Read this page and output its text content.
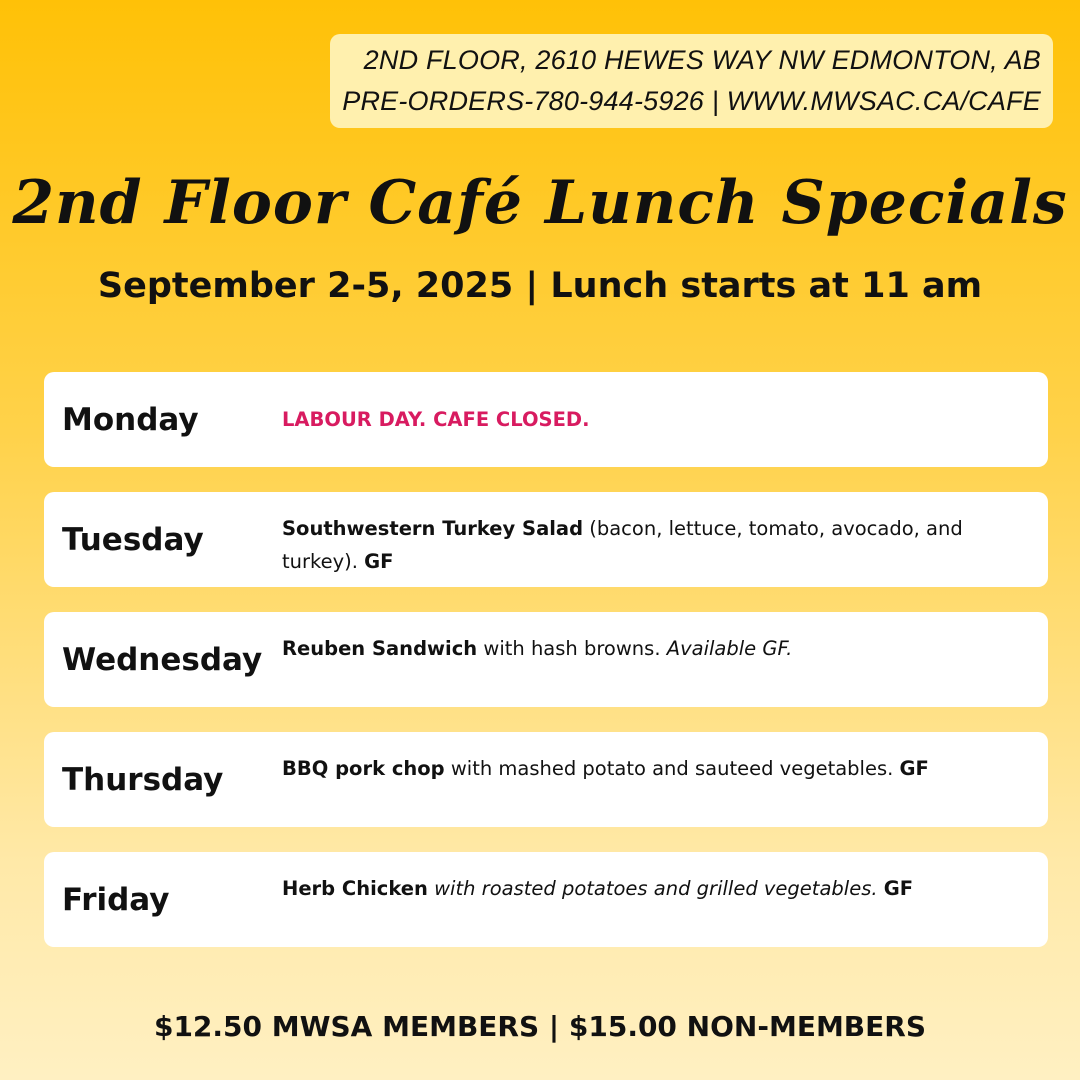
2ND FLOOR, 2610 HEWES WAY NW EDMONTON, AB
PRE-ORDERS-780-944-5926 | WWW.MWSAC.CA/CAFE
2nd Floor Café Lunch Specials
September 2-5, 2025 | Lunch starts at 11 am
Monday	LABOUR DAY. CAFE CLOSED.
Tuesday	Southwestern Turkey Salad (bacon, lettuce, tomato, avocado, and turkey). GF
Wednesday Reuben Sandwich with hash browns. Available GF.
Thursday	BBQ pork chop with mashed potato and sauteed vegetables. GF
Friday	Herb Chicken with roasted potatoes and grilled vegetables. GF
$12.50 MWSA MEMBERS | $15.00 NON-MEMBERS
